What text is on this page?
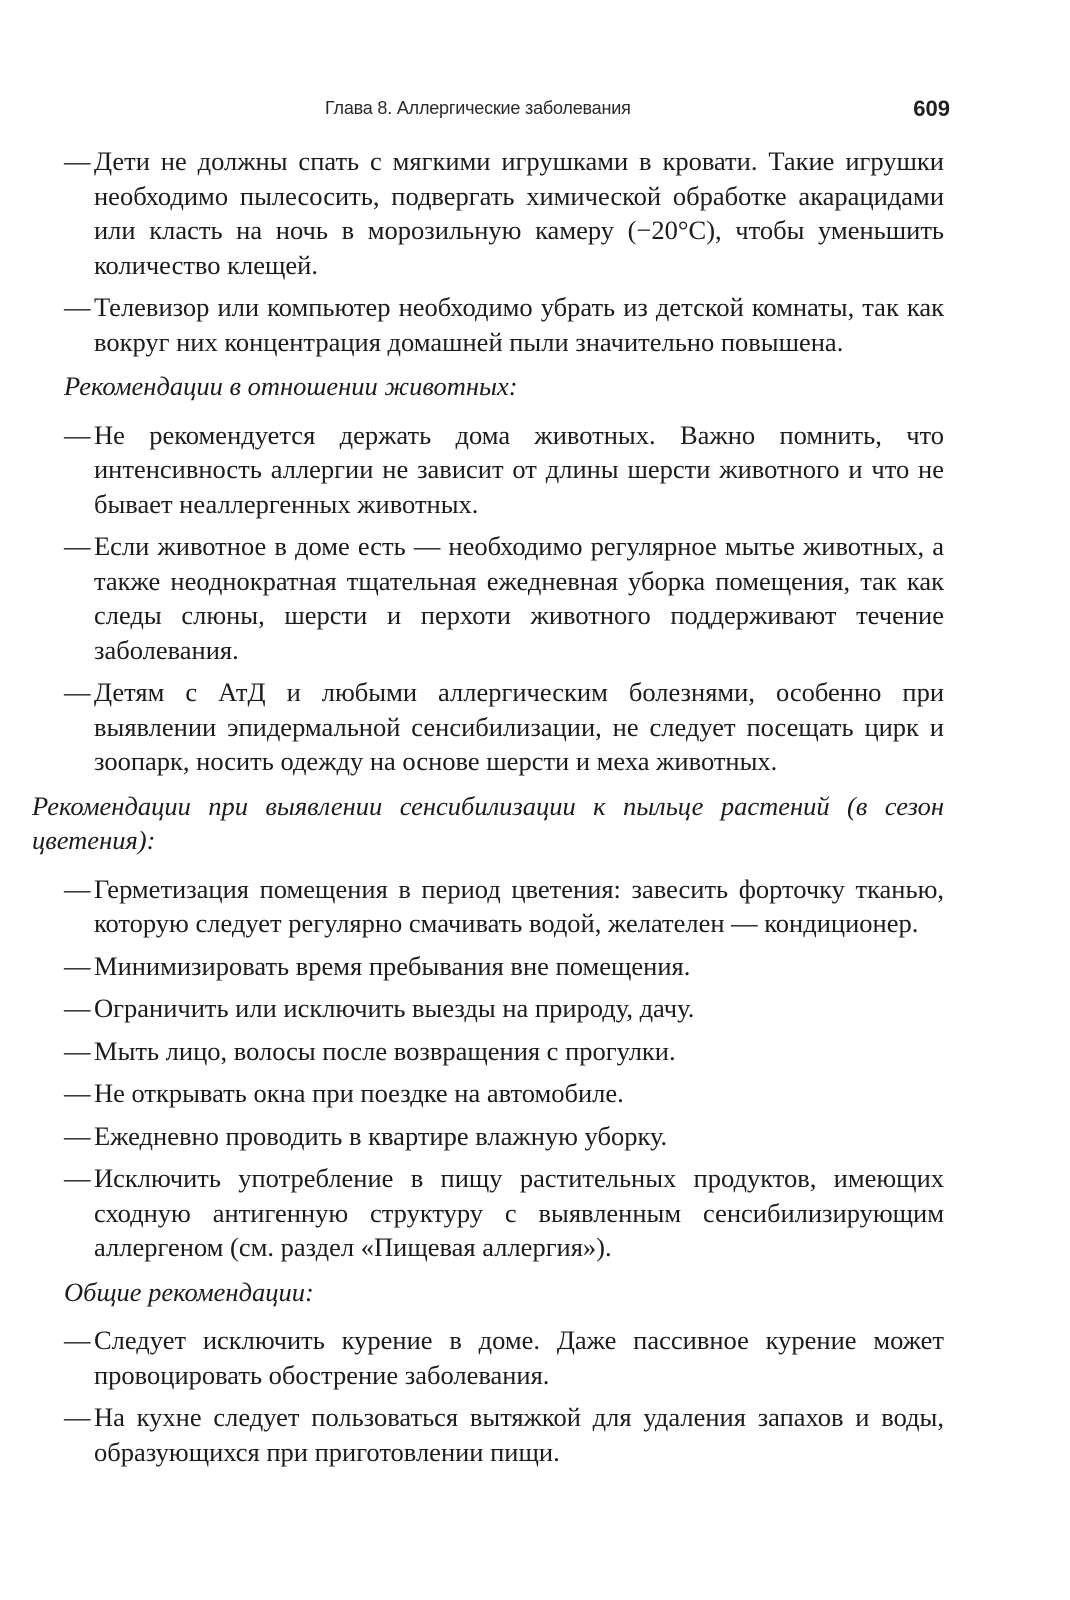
Глава 8. Аллергические заболевания	609
— Дети не должны спать с мягкими игрушками в кровати. Такие игрушки необходимо пылесосить, подвергать химической обработке акарацидами или класть на ночь в морозильную камеру (−20°С), чтобы уменьшить количество клещей.
— Телевизор или компьютер необходимо убрать из детской комнаты, так как вокруг них концентрация домашней пыли значительно повышена.
Рекомендации в отношении животных:
— Не рекомендуется держать дома животных. Важно помнить, что интенсивность аллергии не зависит от длины шерсти животного и что не бывает неаллергенных животных.
— Если животное в доме есть — необходимо регулярное мытье животных, а также неоднократная тщательная ежедневная уборка помещения, так как следы слюны, шерсти и перхоти животного поддерживают течение заболевания.
— Детям с АтД и любыми аллергическим болезнями, особенно при выявлении эпидермальной сенсибилизации, не следует посещать цирк и зоопарк, носить одежду на основе шерсти и меха животных.
Рекомендации при выявлении сенсибилизации к пыльце растений (в сезон цветения):
— Герметизация помещения в период цветения: завесить форточку тканью, которую следует регулярно смачивать водой, желателен — кондиционер.
— Минимизировать время пребывания вне помещения.
— Ограничить или исключить выезды на природу, дачу.
— Мыть лицо, волосы после возвращения с прогулки.
— Не открывать окна при поездке на автомобиле.
— Ежедневно проводить в квартире влажную уборку.
— Исключить употребление в пищу растительных продуктов, имеющих сходную антигенную структуру с выявленным сенсибилизирующим аллергеном (см. раздел «Пищевая аллергия»).
Общие рекомендации:
— Следует исключить курение в доме. Даже пассивное курение может провоцировать обострение заболевания.
— На кухне следует пользоваться вытяжкой для удаления запахов и воды, образующихся при приготовлении пищи.
